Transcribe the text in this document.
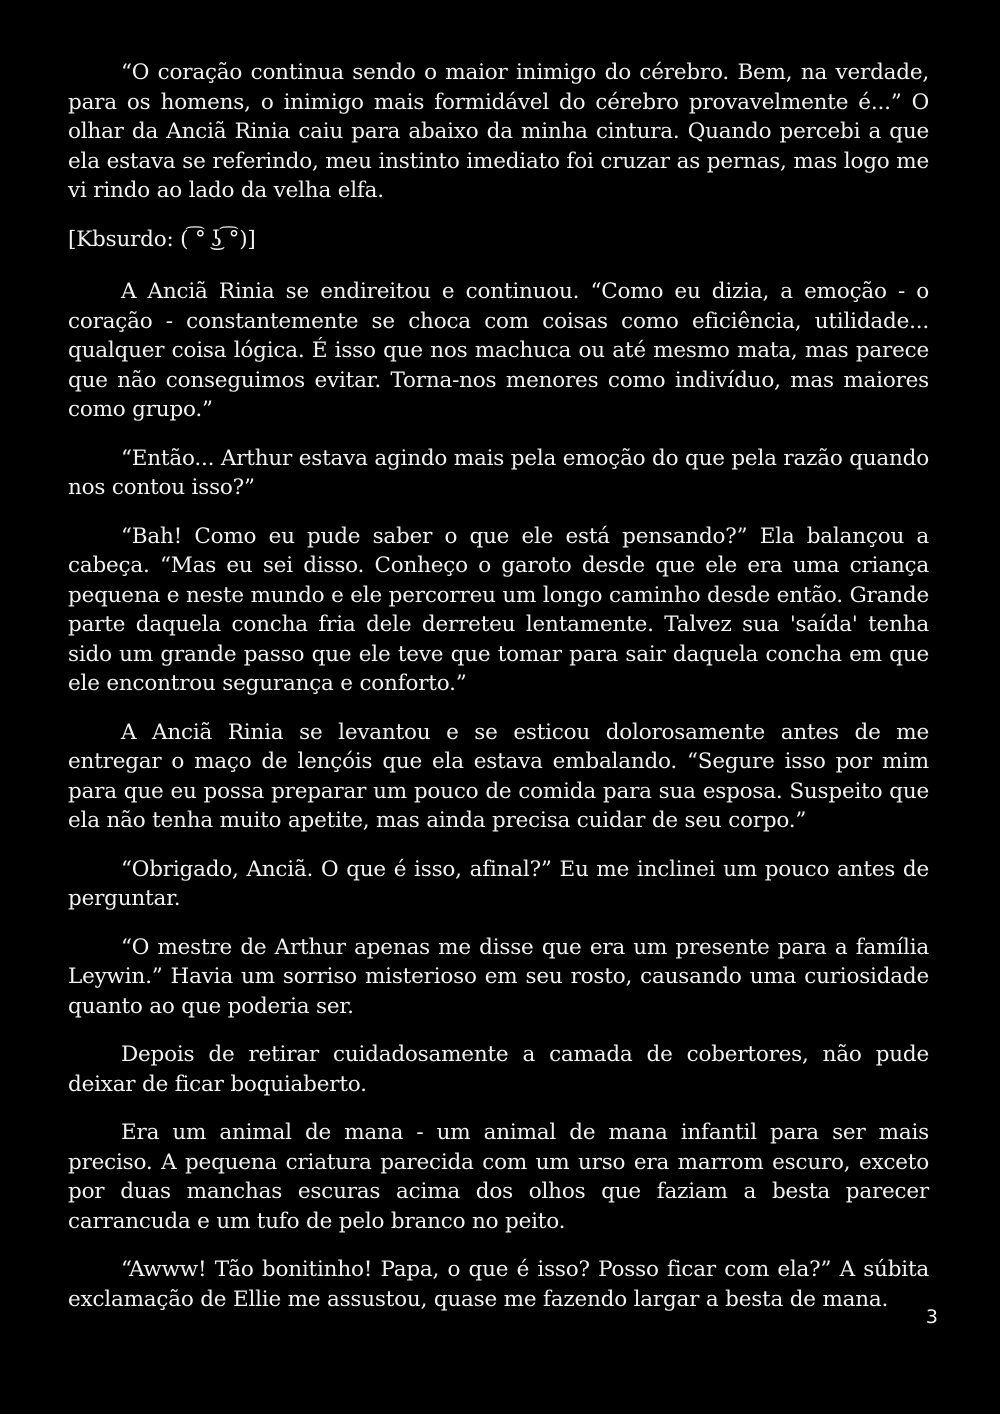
“O coração continua sendo o maior inimigo do cérebro. Bem, na verdade, para os homens, o inimigo mais formidável do cérebro provavelmente é...” O olhar da Anciã Rinia caiu para abaixo da minha cintura. Quando percebi a que ela estava se referindo, meu instinto imediato foi cruzar as pernas, mas logo me vi rindo ao lado da velha elfa.

[Kbsurdo: ( ͡° ͜ʖ ͡°)]

A Anciã Rinia se endireitou e continuou. “Como eu dizia, a emoção - o coração - constantemente se choca com coisas como eficiência, utilidade... qualquer coisa lógica. É isso que nos machuca ou até mesmo mata, mas parece que não conseguimos evitar. Torna-nos menores como indivíduo, mas maiores como grupo.”

“Então... Arthur estava agindo mais pela emoção do que pela razão quando nos contou isso?”

“Bah! Como eu pude saber o que ele está pensando?” Ela balançou a cabeça. “Mas eu sei disso. Conheço o garoto desde que ele era uma criança pequena e neste mundo e ele percorreu um longo caminho desde então. Grande parte daquela concha fria dele derreteu lentamente. Talvez sua 'saída' tenha sido um grande passo que ele teve que tomar para sair daquela concha em que ele encontrou segurança e conforto.”

A Anciã Rinia se levantou e se esticou dolorosamente antes de me entregar o maço de lençóis que ela estava embalando. “Segure isso por mim para que eu possa preparar um pouco de comida para sua esposa. Suspeito que ela não tenha muito apetite, mas ainda precisa cuidar de seu corpo.”

“Obrigado, Anciã. O que é isso, afinal?” Eu me inclinei um pouco antes de perguntar.

“O mestre de Arthur apenas me disse que era um presente para a família Leywin.” Havia um sorriso misterioso em seu rosto, causando uma curiosidade quanto ao que poderia ser.

Depois de retirar cuidadosamente a camada de cobertores, não pude deixar de ficar boquiaberto.

Era um animal de mana - um animal de mana infantil para ser mais preciso. A pequena criatura parecida com um urso era marrom escuro, exceto por duas manchas escuras acima dos olhos que faziam a besta parecer carrancuda e um tufo de pelo branco no peito.

“Awww! Tão bonitinho! Papa, o que é isso? Posso ficar com ela?” A súbita exclamação de Ellie me assustou, quase me fazendo largar a besta de mana.

3
